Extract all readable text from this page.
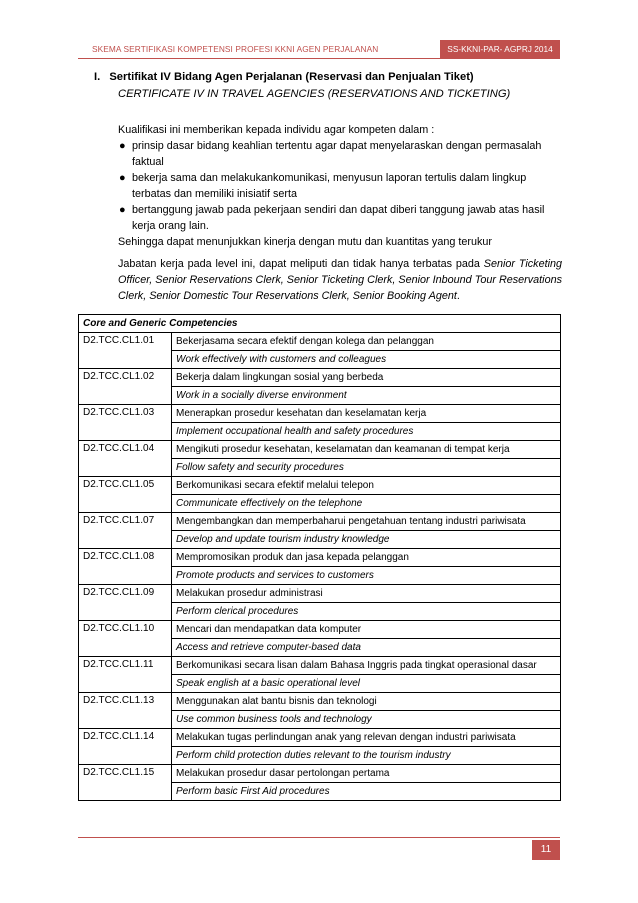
SKEMA SERTIFIKASI KOMPETENSI PROFESI KKNI AGEN PERJALANAN	SS-KKNI-PAR- AGPRJ 2014
I. Sertifikat IV Bidang Agen Perjalanan (Reservasi dan Penjualan Tiket)
CERTIFICATE IV IN TRAVEL AGENCIES (RESERVATIONS AND TICKETING)
Kualifikasi ini memberikan kepada individu agar kompeten dalam :
● prinsip dasar bidang keahlian tertentu agar dapat menyelaraskan dengan permasalah faktual
● bekerja sama dan melakukankomunikasi, menyusun laporan tertulis dalam lingkup terbatas dan memiliki inisiatif serta
● bertanggung jawab pada pekerjaan sendiri dan dapat diberi tanggung jawab atas hasil kerja orang lain.
Sehingga dapat menunjukkan kinerja dengan mutu dan kuantitas yang terukur
Jabatan kerja pada level ini, dapat meliputi dan tidak hanya terbatas pada Senior Ticketing Officer, Senior Reservations Clerk, Senior Ticketing Clerk, Senior Inbound Tour Reservations Clerk, Senior Domestic Tour Reservations Clerk, Senior Booking Agent.
Core and Generic Competencies	
D2.TCC.CL1.01	Bekerjasama secara efektif dengan kolega dan pelanggan
	Work effectively with customers and colleagues
D2.TCC.CL1.02	Bekerja dalam lingkungan sosial yang berbeda
	Work in a socially diverse environment
D2.TCC.CL1.03	Menerapkan prosedur kesehatan dan keselamatan kerja
	Implement occupational health and safety procedures
D2.TCC.CL1.04	Mengikuti prosedur kesehatan, keselamatan dan keamanan di tempat kerja
	Follow safety and security procedures
D2.TCC.CL1.05	Berkomunikasi secara efektif melalui telepon
	Communicate effectively on the telephone
D2.TCC.CL1.07	Mengembangkan dan memperbaharui pengetahuan tentang industri pariwisata
	Develop and update tourism industry knowledge
D2.TCC.CL1.08	Mempromosikan produk dan jasa kepada pelanggan
	Promote products and services to customers
D2.TCC.CL1.09	Melakukan prosedur administrasi
	Perform clerical procedures
D2.TCC.CL1.10	Mencari dan mendapatkan data komputer
	Access and retrieve computer-based data
D2.TCC.CL1.11	Berkomunikasi secara lisan dalam Bahasa Inggris pada tingkat operasional dasar
	Speak english at a basic operational level
D2.TCC.CL1.13	Menggunakan alat bantu bisnis dan teknologi
	Use common business tools and technology
D2.TCC.CL1.14	Melakukan tugas perlindungan anak yang relevan dengan industri pariwisata
	Perform child protection duties relevant to the tourism industry
D2.TCC.CL1.15	Melakukan prosedur dasar pertolongan pertama
	Perform basic First Aid procedures
11
